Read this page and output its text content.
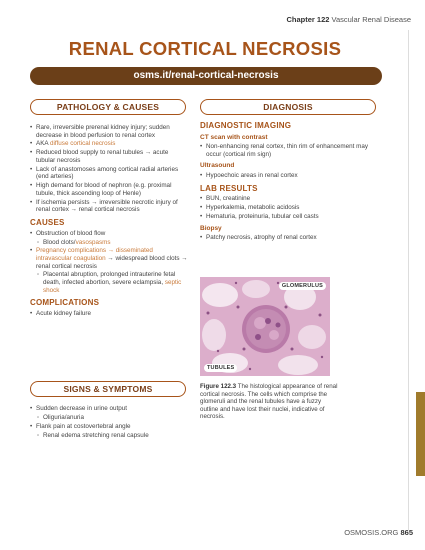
Chapter 122 Vascular Renal Disease
RENAL CORTICAL NECROSIS
osms.it/renal-cortical-necrosis
PATHOLOGY & CAUSES
• Rare, irreversible prerenal kidney injury; sudden decrease in blood perfusion to renal cortex
• AKA diffuse cortical necrosis
• Reduced blood supply to renal tubules → acute tubular necrosis
• Lack of anastomoses among cortical radial arteries (end arteries)
• High demand for blood of nephron (e.g. proximal tubule, thick ascending loop of Henle)
• If ischemia persists → irreversible necrotic injury of renal cortex → renal cortical necrosis
CAUSES
• Obstruction of blood flow
◦ Blood clots/vasospasms
• Pregnancy complications → disseminated intravascular coagulation → widespread blood clots → renal cortical necrosis
◦ Placental abruption, prolonged intrauterine fetal death, infected abortion, severe eclampsia, septic shock
COMPLICATIONS
• Acute kidney failure
SIGNS & SYMPTOMS
• Sudden decrease in urine output
◦ Oliguria/anuria
• Flank pain at costovertebral angle
◦ Renal edema stretching renal capsule
DIAGNOSIS
DIAGNOSTIC IMAGING
CT scan with contrast
• Non-enhancing renal cortex, thin rim of enhancement may occur (cortical rim sign)
Ultrasound
• Hypoechoic areas in renal cortex
LAB RESULTS
• BUN, creatinine
• Hyperkalemia, metabolic acidosis
• Hematuria, proteinuria, tubular cell casts
Biopsy
• Patchy necrosis, atrophy of renal cortex
GLOMERULUS
TUBULES
Figure 122.3 The histological appearance of renal cortical necrosis. The cells which comprise the glomeruli and the renal tubules have a fuzzy outline and have lost their nuclei, indicative of necrosis.
OSMOSIS.ORG 865
